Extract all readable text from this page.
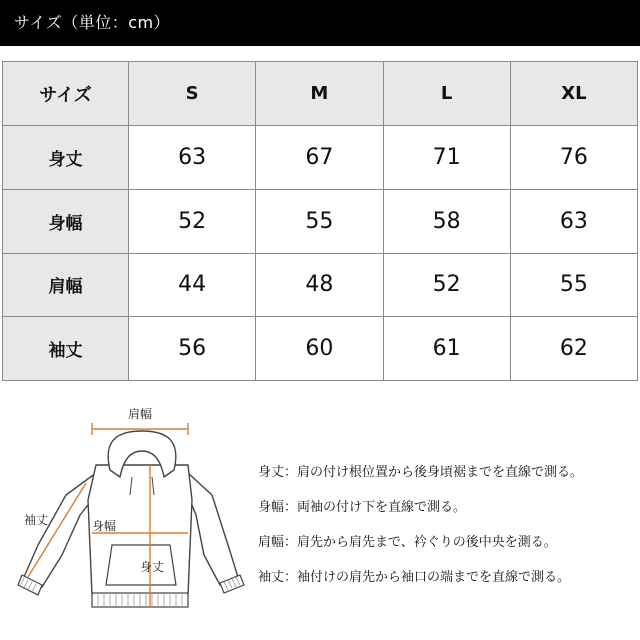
サイズ（単位：cm）
サイズ	S	M	L	XL
身丈	63	67	71	76
身幅	52	55	58	63
肩幅	44	48	52	55
袖丈	56	60	61	62
肩幅
袖丈	身幅
身丈
身丈：肩の付け根位置から後身頃裾までを直線で測る。
身幅：両袖の付け下を直線で測る。
肩幅：肩先から肩先まで、衿ぐりの後中央を測る。
袖丈：袖付けの肩先から袖口の端までを直線で測る。
